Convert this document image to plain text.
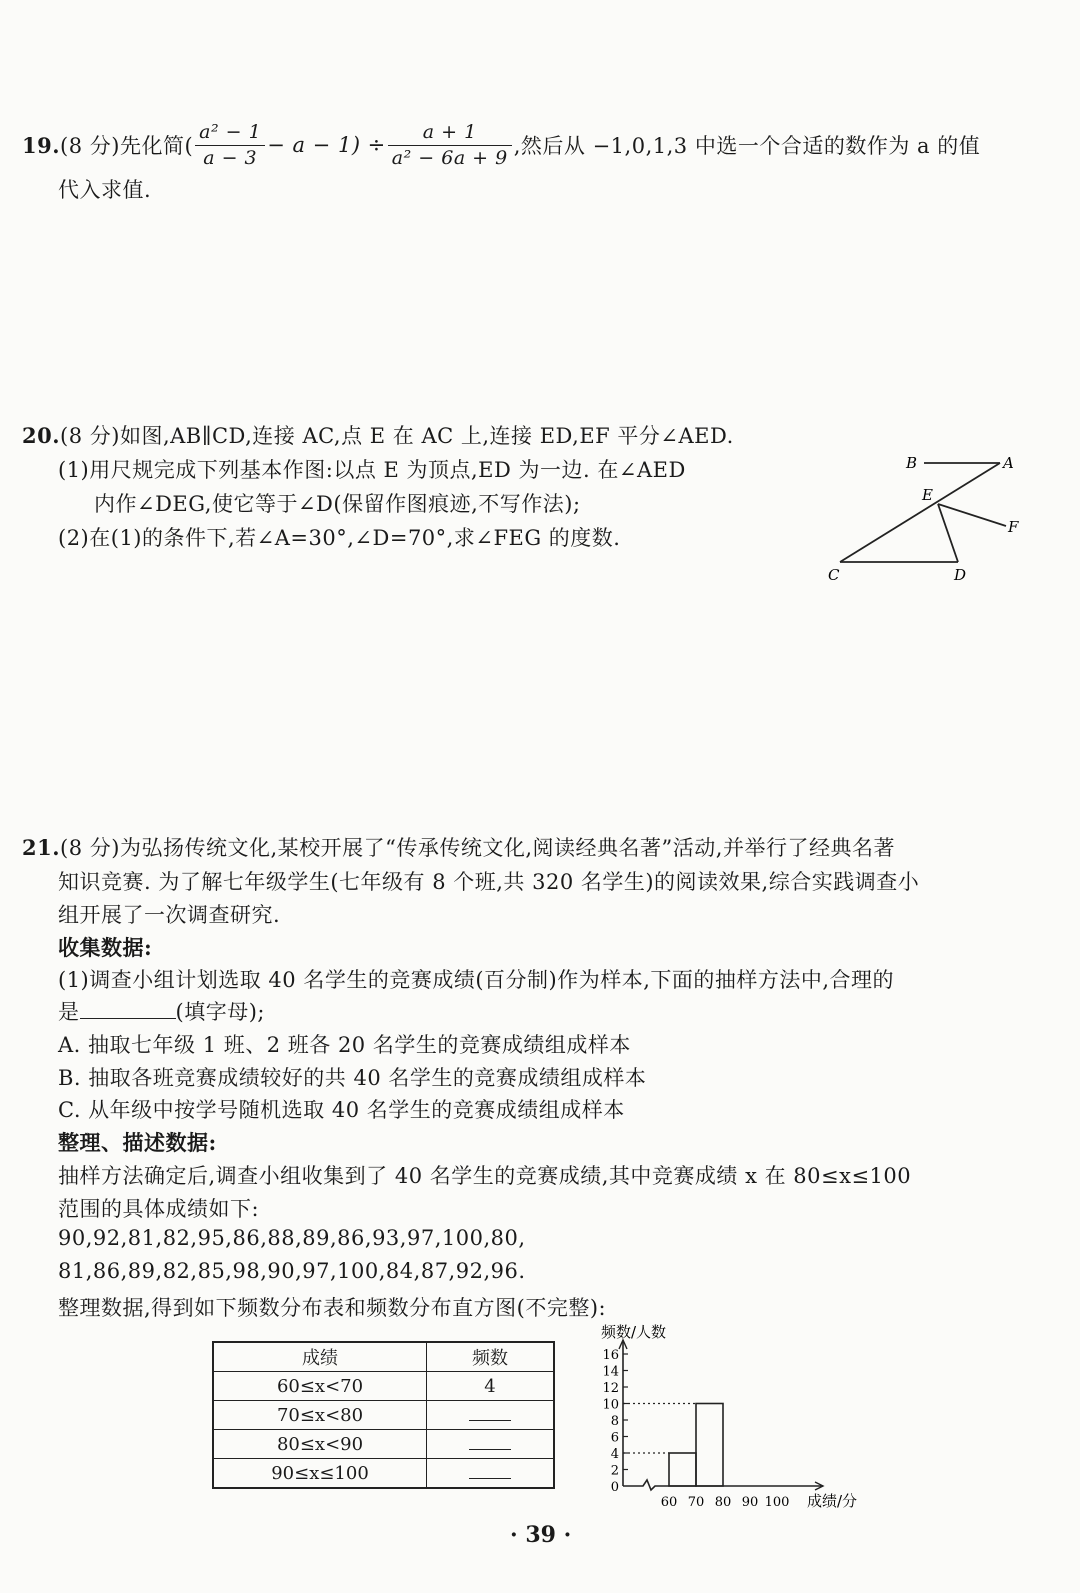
19. (8 分)先化简( $\frac{\text{a² − 1}}{a - 3} - a - 1) \div \frac{a + 1}{\text{a² − 6a + 9}}$ ,然后从 −1,0,1,3 中选一个合适的数作为 a 的值
代入求值.
20.(8 分)如图,AB∥CD,连接 AC,点 E 在 AC 上,连接 ED,EF 平分∠AED.
(1)用尺规完成下列基本作图:以点 E 为顶点,ED 为一边. 在∠AED
内作∠DEG,使它等于∠D(保留作图痕迹,不写作法);
(2)在(1)的条件下,若∠A=30°,∠D=70°,求∠FEG 的度数.
B	A
E
F
C	D
21.(8 分)为弘扬传统文化,某校开展了“传承传统文化,阅读经典名著”活动,并举行了经典名著
知识竞赛. 为了解七年级学生(七年级有 8 个班,共 320 名学生)的阅读效果,综合实践调查小
组开展了一次调查研究.
收集数据:
(1)调查小组计划选取 40 名学生的竞赛成绩(百分制)作为样本,下面的抽样方法中,合理的
是	(填字母);
A. 抽取七年级 1 班、2 班各 20 名学生的竞赛成绩组成样本
B. 抽取各班竞赛成绩较好的共 40 名学生的竞赛成绩组成样本
C. 从年级中按学号随机选取 40 名学生的竞赛成绩组成样本
整理、描述数据:
抽样方法确定后,调查小组收集到了 40 名学生的竞赛成绩,其中竞赛成绩 x 在 80≤x≤100
范围的具体成绩如下:
90,92,81,82,95,86,88,89,86,93,97,100,80,
81,86,89,82,85,98,90,97,100,84,87,92,96.
整理数据,得到如下频数分布表和频数分布直方图(不完整):
成绩	频数
60≤x<70	4
70≤x<80	
80≤x<90	
90≤x≤100	
频数/人数
成绩/分
0
2
4
6
8
10
12
14
16
60 70 80 90 100
· 39 ·
